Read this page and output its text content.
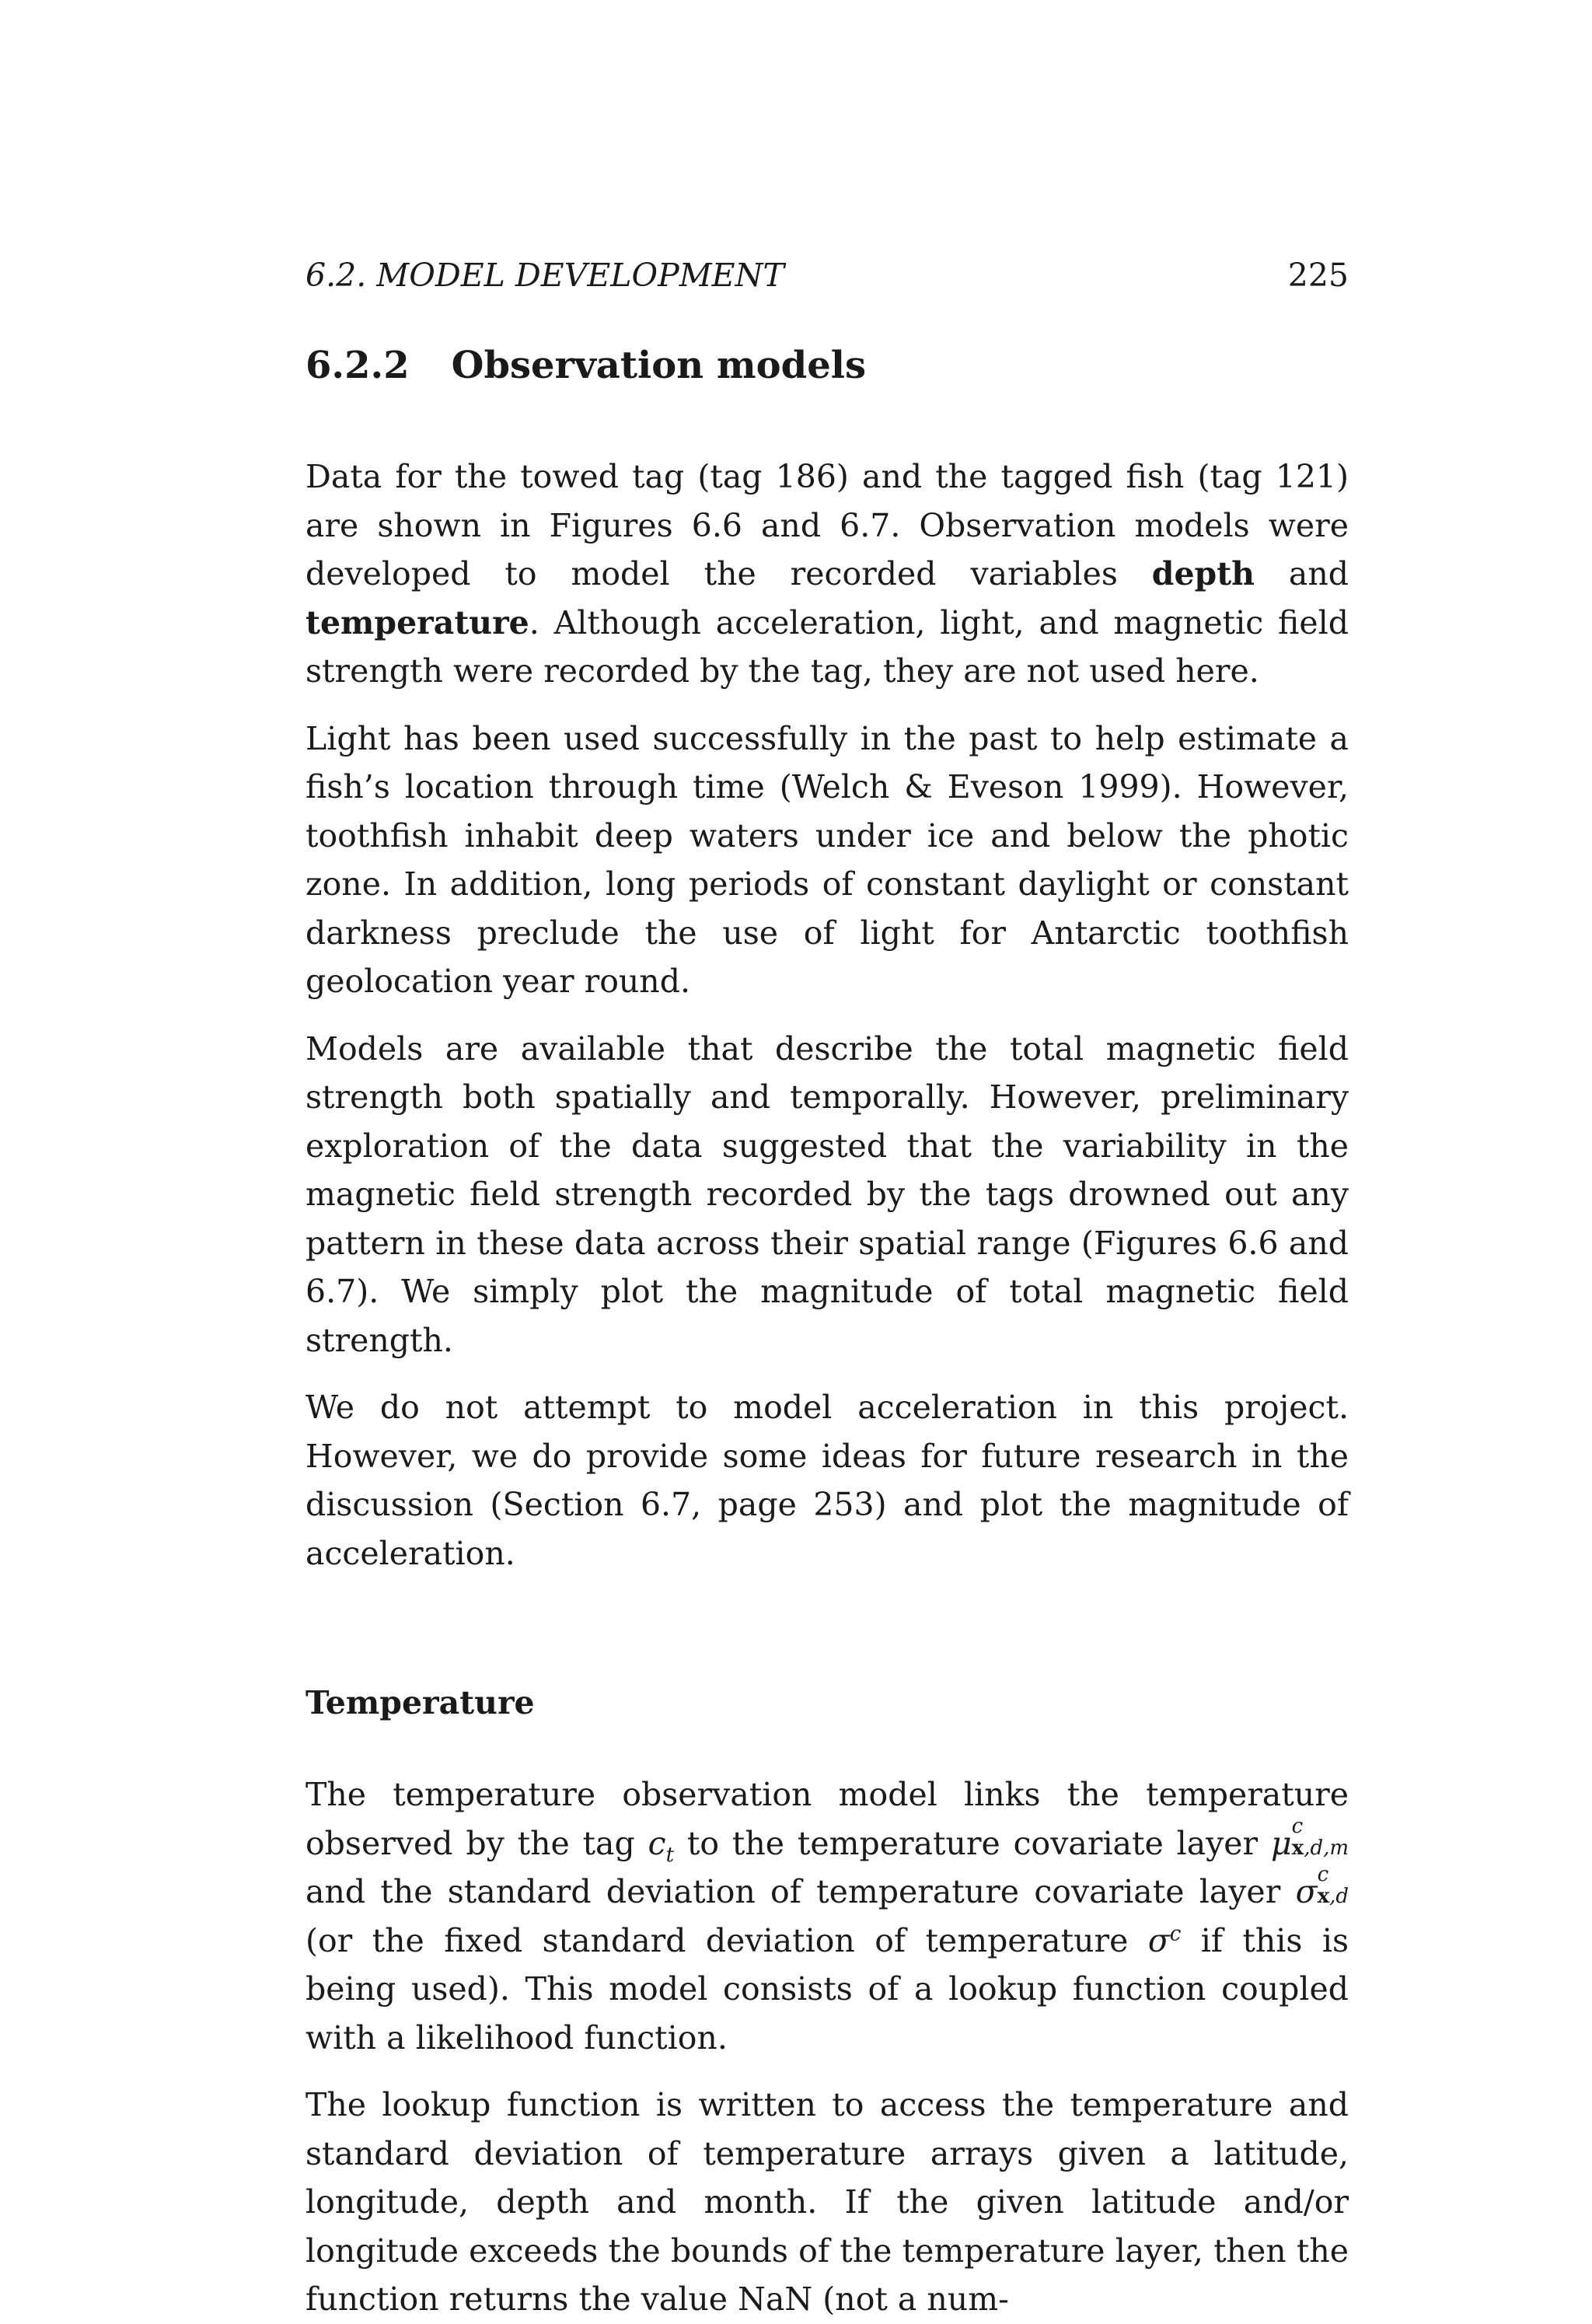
6.2. MODEL DEVELOPMENT	225
6.2.2 Observation models

Data for the towed tag (tag 186) and the tagged fish (tag 121) are shown in Figures 6.6 and 6.7. Observation models were developed to model the recorded variables depth and temperature. Although acceleration, light, and magnetic field strength were recorded by the tag, they are not used here.

Light has been used successfully in the past to help estimate a fish’s location through time (Welch & Eveson 1999). However, toothfish inhabit deep waters under ice and below the photic zone. In addition, long periods of constant daylight or constant darkness preclude the use of light for Antarctic toothfish geolocation year round.

Models are available that describe the total magnetic field strength both spatially and temporally. However, preliminary exploration of the data suggested that the variability in the magnetic field strength recorded by the tags drowned out any pattern in these data across their spatial range (Figures 6.6 and 6.7). We simply plot the magnitude of total magnetic field strength.

We do not attempt to model acceleration in this project. However, we do provide some ideas for future research in the discussion (Section 6.7, page 253) and plot the magnitude of acceleration.

Temperature

The temperature observation model links the temperature observed by the tag $c_t$ to the temperature covariate layer μ c
x,d,m
and the standard deviation of temperature covariate layer σ c
x,d
(or the fixed standard deviation of temperature $\sigma^c$ if this is being used). This model consists of a lookup function coupled with a likelihood function.

The lookup function is written to access the temperature and standard deviation of temperature arrays given a latitude, longitude, depth and month. If the given latitude and/or longitude exceeds the bounds of the temperature layer, then the function returns the value NaN (not a num-
